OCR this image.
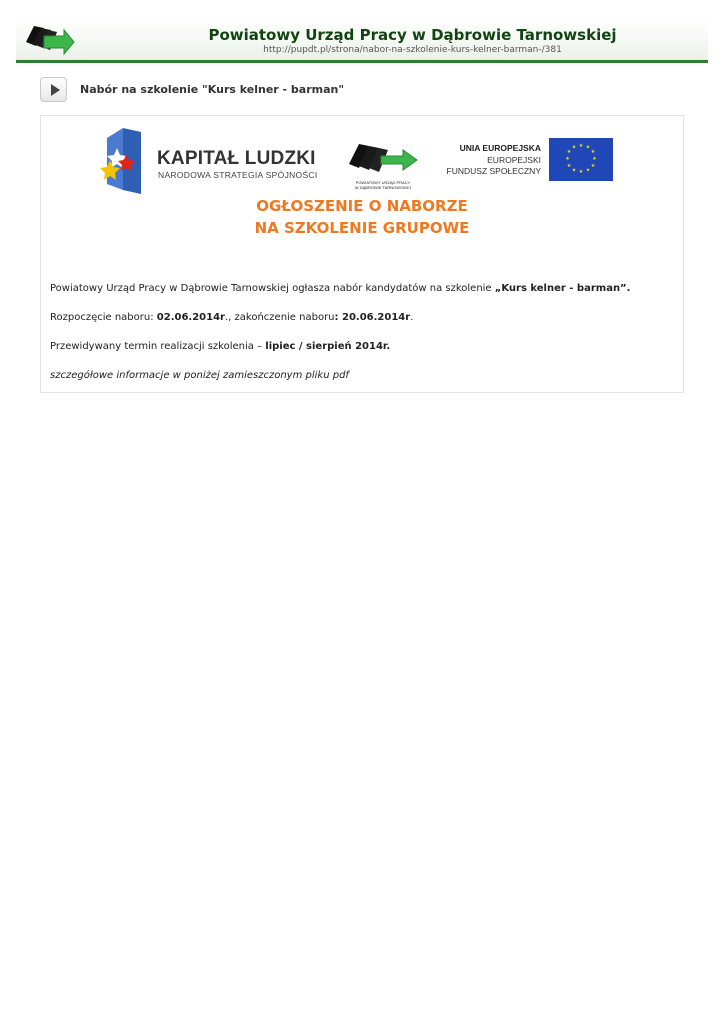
Powiatowy Urząd Pracy w Dąbrowie Tarnowskiej
http://pupdt.pl/strona/nabor-na-szkolenie-kurs-kelner-barman-/381
Nabór na szkolenie "Kurs kelner - barman"
KAPITAŁ LUDZKI
NARODOWA STRATEGIA SPÓJNOŚCI
POWIATOWY URZĄD PRACY
W DĄBROWIE TARNOWSKIEJ
UNIA EUROPEJSKA
EUROPEJSKI
FUNDUSZ SPOŁECZNY
★ ★
★
★
★
★
★
★
★
★
★
★
OGŁOSZENIE O NABORZE
NA SZKOLENIE GRUPOWE
Powiatowy Urząd Pracy w Dąbrowie Tarnowskiej ogłasza nabór kandydatów na szkolenie „Kurs kelner - barman”.
Rozpoczęcie naboru: 02.06.2014r., zakończenie naboru: 20.06.2014r.
Przewidywany termin realizacji szkolenia – lipiec / sierpień 2014r.
szczegółowe informacje w poniżej zamieszczonym pliku pdf
